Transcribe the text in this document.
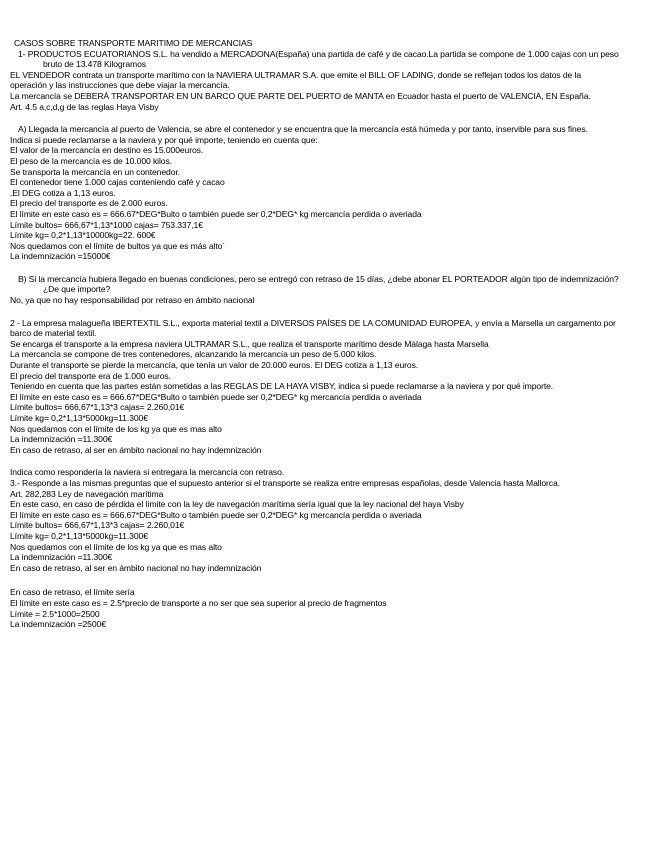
CASOS SOBRE TRANSPORTE MARITIMO DE MERCANCIAS

1- PRODUCTOS ECUATORIANOS S.L. ha vendido a MERCADONA(España) una partida de café y de cacao.La partida se compone de 1.000 cajas con un peso bruto de 13.478 Kilogramos

EL VENDEDOR contrata un transporte marítimo con la NAVIERA ULTRAMAR S.A. que emite el BILL OF LADING, donde se reflejan todos los datos de la operación y las instrucciones que debe viajar la mercancía.

La mercancía se DEBERÁ TRANSPORTAR EN UN BARCO QUE PARTE DEL PUERTO de MANTA en Ecuador hasta el puerto de VALENCIA, EN España.

Art. 4.5 a,c,d,g de las reglas Haya Visby

A) Llegada la mercancía al puerto de Valencia, se abre el contenedor y se encuentra que la mercancía está húmeda y por tanto, inservible para sus fines.

Indica si puede reclamarse a la naviera y por qué importe, teniendo en cuenta que:

El valor de la mercancía en destino es 15.000euros.

El peso de la mercancía es de 10.000 kilos.

Se transporta la mercancía en un contenedor.

El contenedor tiene 1.000 cajas conteniendo café y cacao

.El DEG cotiza a 1,13 euros.

El precio del transporte es de 2.000 euros.

El límite en este caso es = 666.67*DEG*Bulto o también puede ser 0,2*DEG* kg mercancía perdida o averiada

Límite bultos= 666,67*1,13*1000 cajas= 753.337,1€

Límite kg= 0,2*1,13*10000kg=22. 600€

Nos quedamos con el límite de bultos ya que es más alto´

La indemnización =15000€

B) Si la mercancía hubiera llegado en buenas condiciones, pero se entregó con retraso de 15 días, ¿debe abonar EL PORTEADOR algún tipo de indemnización? ¿De que importe?

No, ya que no hay responsabilidad por retraso en ámbito nacional

2 - La empresa malagueña IBERTEXTIL S.L., exporta material textil a DIVERSOS PAÍSES DE LA COMUNIDAD EUROPEA, y envía a Marsella un cargamento por barco de material textil.

Se encarga el transporte a la empresa naviera ULTRAMAR S.L., que realiza el transporte marítimo desde Málaga hasta Marsella

La mercancía se compone de tres contenedores, alcanzando la mercancía un peso de 5.000 kilos.

Durante el transporte se pierde la mercancía, que tenía un valor de 20.000 euros. El DEG cotiza a 1,13 euros.

El precio del transporte era de 1.000 euros.

Teniendo en cuenta que las partes están sometidas a las REGLAS DE LA HAYA VISBY, indica si puede reclamarse a la naviera y por qué importe.

El límite en este caso es = 666.67*DEG*Bulto o también puede ser 0,2*DEG* kg mercancía perdida o averiada

Límite bultos= 666,67*1,13*3 cajas= 2.260,01€

Límite kg= 0,2*1,13*5000kg=11.300€

Nos quedamos con el límite de los kg ya que es mas alto

La indemnización =11.300€

En caso de retraso, al ser en ámbito nacional no hay indemnización

Indica como respondería la naviera si entregara la mercancía con retraso.

3.- Responde a las mismas preguntas que el supuesto anterior si el transporte se realiza entre empresas españolas, desde Valencia hasta Mallorca.

Art. 282,283 Ley de navegación marítima

En este caso, en caso de pérdida el límite con la ley de navegación marítima sería igual que la ley nacional del haya Visby

El límite en este caso es = 666.67*DEG*Bulto o también puede ser 0,2*DEG* kg mercancía perdida o averiada

Límite bultos= 666,67*1,13*3 cajas= 2.260,01€

Límite kg= 0,2*1,13*5000kg=11.300€

Nos quedamos con el límite de los kg ya que es mas alto

La indemnización =11.300€

En caso de retraso, al ser en ámbito nacional no hay indemnización

En caso de retraso, el límite sería

El límite en este caso es = 2.5*precio de transporte a no ser que sea superior al precio de fragmentos

Límite = 2.5*1000=2500

La indemnización =2500€
